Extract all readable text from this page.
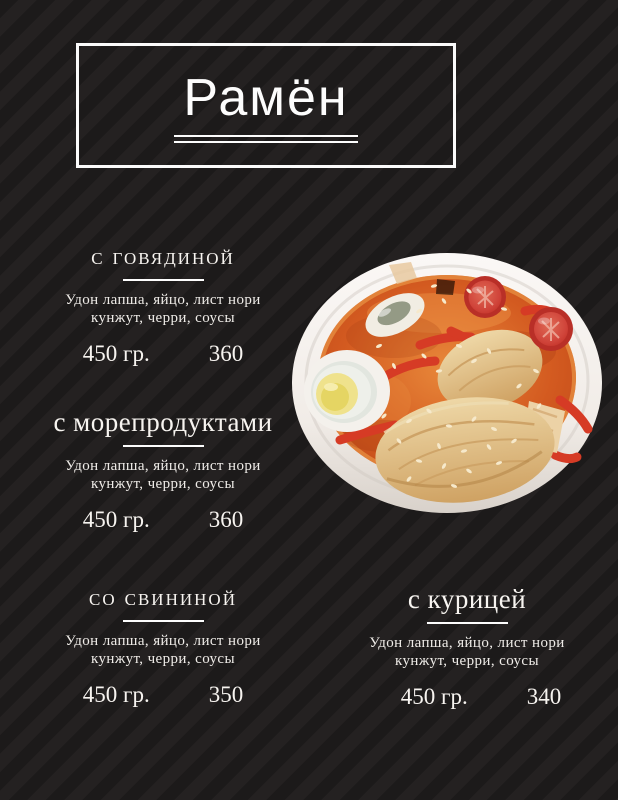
Рамён
с говядиной
Удон лапша, яйцо, лист нори
кунжут, черри, соусы
450 гр.	360
с морепродуктами
Удон лапша, яйцо, лист нори
кунжут, черри, соусы
450 гр.	360
со свининой
Удон лапша, яйцо, лист нори
кунжут, черри, соусы
450 гр.	350
с курицей
Удон лапша, яйцо, лист нори
кунжут, черри, соусы
450 гр.	340
